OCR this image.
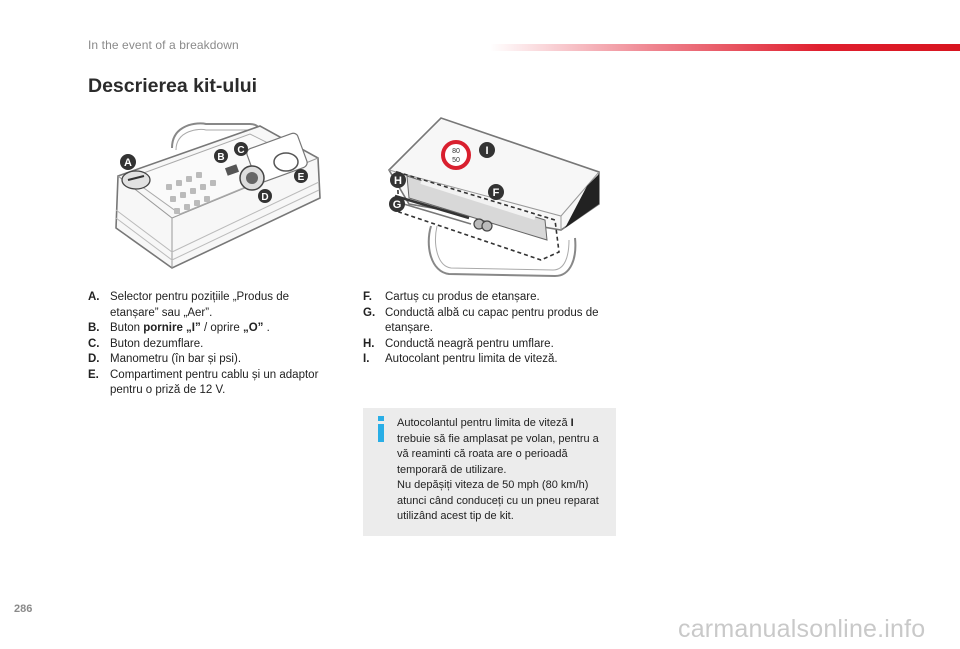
In the event of a breakdown
Descrierea kit-ului
A	B
C
D
E
80
50
I
H
F
G
A. Selector pentru pozițiile „Produs de etanșare” sau „Aer”.
B. Buton pornire „I” / oprire „O” .
C. Buton dezumflare.
D. Manometru (în bar și psi).
E. Compartiment pentru cablu și un adaptor pentru o priză de 12 V.
F. Cartuș cu produs de etanșare.
G. Conductă albă cu capac pentru produs de etanșare.
H. Conductă neagră pentru umflare.
I. Autocolant pentru limita de viteză.
Autocolantul pentru limita de viteză I trebuie să fie amplasat pe volan, pentru a vă reaminti că roata are o perioadă temporară de utilizare.
Nu depășiți viteza de 50 mph (80 km/h) atunci când conduceți cu un pneu reparat utilizând acest tip de kit.
286
carmanualsonline.info
